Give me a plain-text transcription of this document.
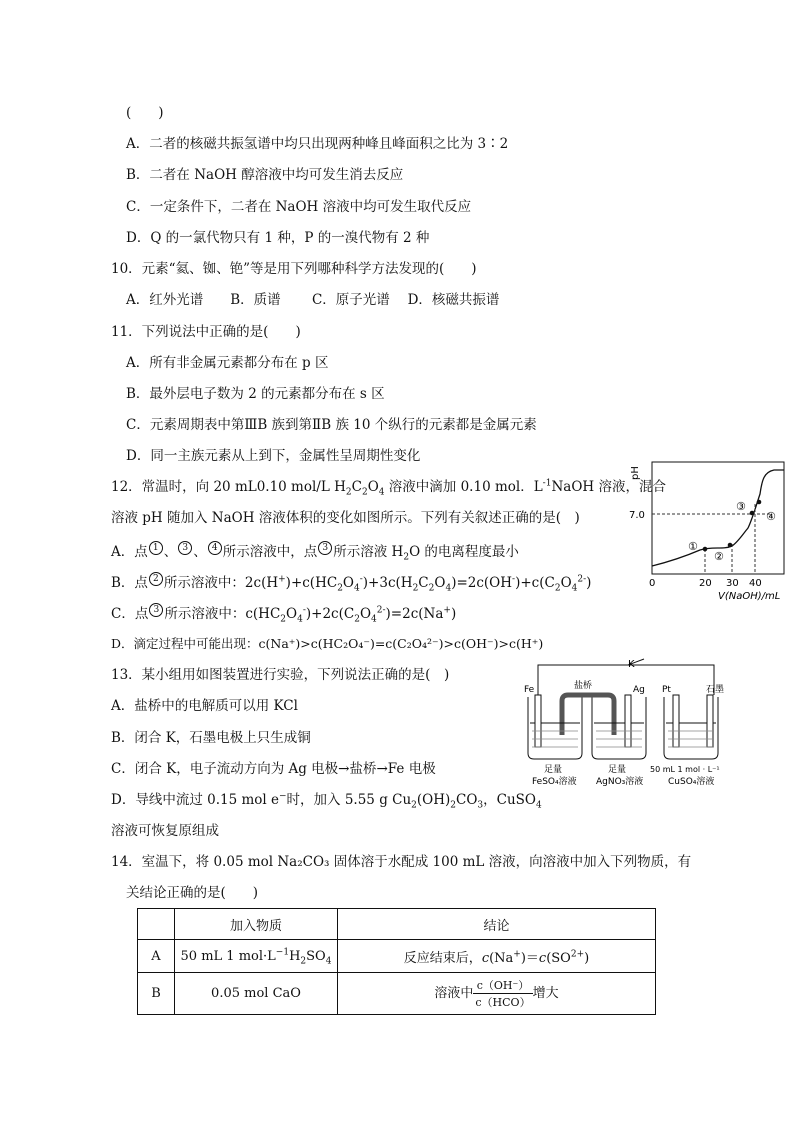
(　　)
A．二者的核磁共振氢谱中均只出现两种峰且峰面积之比为 3∶2
B．二者在 NaOH 醇溶液中均可发生消去反应
C．一定条件下，二者在 NaOH 溶液中均可发生取代反应
D．Q 的一氯代物只有 1 种，P 的一溴代物有 2 种
10．元素“氦、铷、铯”等是用下列哪种科学方法发现的(　　)
A．红外光谱　　B．质谱　　 C．原子光谱　 D．核磁共振谱
11．下列说法中正确的是(　　)
A．所有非金属元素都分布在 p 区
B．最外层电子数为 2 的元素都分布在 s 区
C．元素周期表中第ⅢB 族到第ⅡB 族 10 个纵行的元素都是金属元素
D．同一主族元素从上到下，金属性呈周期性变化
12．常温时，向 20 mL0.10 mol/L $H_2C_2O_4$ 溶液中滴加 0.10 mol．$L^{-1}NaOH$ 溶液，混合
溶液 pH 随加入 NaOH 溶液体积的变化如图所示。下列有关叙述正确的是(　)
A．点 1 、 3 、 4 所示溶液中，点 3 所示溶液 $H_2O$ 的电离程度最小
B．点 2 所示溶液中：$2c(H^+)+c(HC_2O_4^-)+3c(H_2C_2O_4)=2c(OH^-)+c(C_2O_4^{2-})$
C．点 3 所示溶液中：$c(HC_2O_4^-)+2c(C_2O_4^{2-})=2c(Na^+)$
D．滴定过程中可能出现：c(Na⁺)>c(HC₂O₄⁻)=c(C₂O₄²⁻)>c(OH⁻)>c(H⁺)
pH
7.0
①
②
③
④
0	20 30 40
V(NaOH)/mL
13．某小组用如图装置进行实验，下列说法正确的是(　)
A．盐桥中的电解质可以用 KCl
B．闭合 K，石墨电极上只生成铜
C．闭合 K，电子流动方向为 Ag 电极→盐桥→Fe 电极
D．导线中流过 0.15 mol e−时，加入 5.55 g $Cu_2(OH)_2CO_3$，CuSO$_4$
溶液可恢复原组成
K
Fe	盐桥	Ag Pt	石墨
足量
FeSO₄溶液
足量
AgNO₃溶液
50 mL 1 mol · L⁻¹
CuSO₄溶液
14．室温下，将 0.05 mol Na₂CO₃ 固体溶于水配成 100 mL 溶液，向溶液中加入下列物质，有
关结论正确的是(　　)
	加入物质	结论
A	50 mL 1 $mol\cdot L^{-1}H_2SO_4$	反应结束后，$c(Na^+)=c(SO^{2+})$
B	0.05 mol CaO	溶液中 $\frac{c(OH^-)}{\text{c（HCO）}}$ 增大
